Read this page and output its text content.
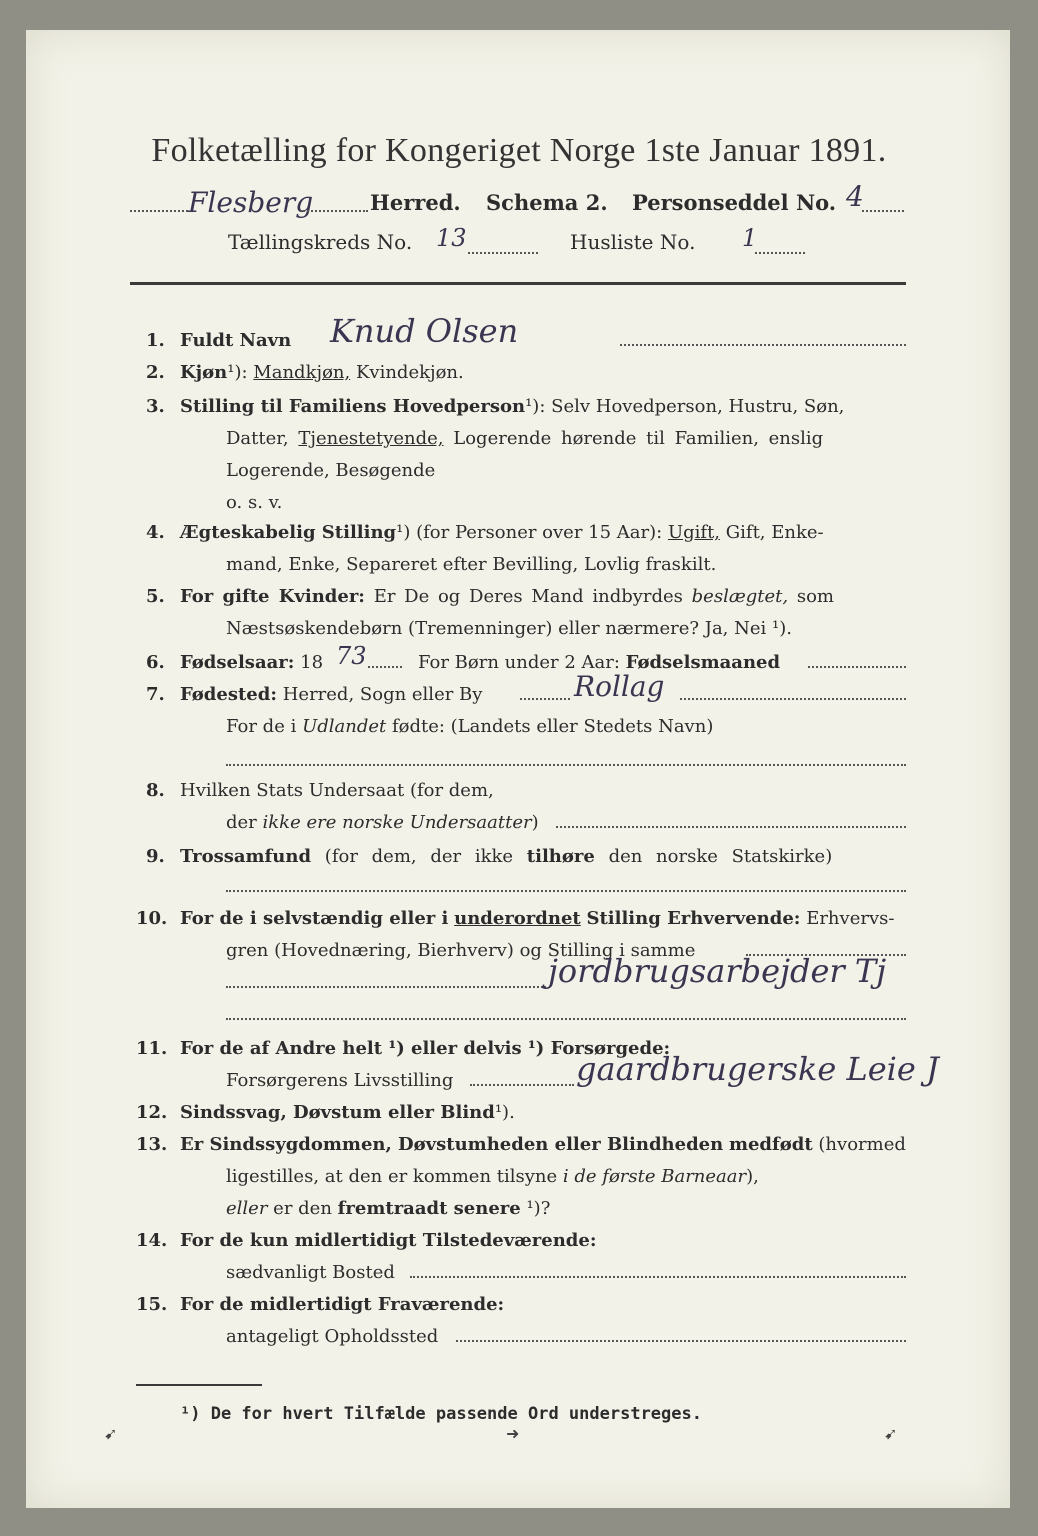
Folketælling for Kongeriget Norge 1ste Januar 1891.
Flesberg	Herred. Schema 2. Personseddel No. 4
Tællingskreds No. 13	Husliste No. 1
1.
2.
3.
4.
5.
6.
7.
8.
9.
10.
11.
12.
13.
14.
15.
Fuldt Navn Knud Olsen
Kjøn¹): Mandkjøn, Kvindekjøn.
Stilling til Familiens Hovedperson¹): Selv Hovedperson, Hustru, Søn,
Datter, Tjenestetyende, Logerende hørende til Familien, enslig
Logerende, Besøgende
o. s. v.
Ægteskabelig Stilling¹) (for Personer over 15 Aar): Ugift, Gift, Enke-
mand, Enke, Separeret efter Bevilling, Lovlig fraskilt.
For gifte Kvinder: Er De og Deres Mand indbyrdes beslægtet, som
Næstsøskendebørn (Tremenninger) eller nærmere? Ja, Nei ¹).
Fødselsaar: 18 73	For Børn under 2 Aar: Fødselsmaaned
Fødested: Herred, Sogn eller By	Rollag
For de i Udlandet fødte: (Landets eller Stedets Navn)
Hvilken Stats Undersaat (for dem,
der ikke ere norske Undersaatter)
Trossamfund (for dem, der ikke tilhøre den norske Statskirke)
For de i selvstændig eller i underordnet Stilling Erhvervende: Erhvervs-
gren (Hovednæring, Bierhverv) og Stilling i samme
jordbrugsarbejder Tj
For de af Andre helt ¹) eller delvis ¹) Forsørgede:
Forsørgerens Livsstilling	gaardbrugerske Leie J
Sindssvag, Døvstum eller Blind¹).
Er Sindssygdommen, Døvstumheden eller Blindheden medfødt (hvormed
ligestilles, at den er kommen tilsyne i de første Barneaar),
eller er den fremtraadt senere ¹)?
For de kun midlertidigt Tilstedeværende:
sædvanligt Bosted
For de midlertidigt Fraværende:
antageligt Opholdssted
¹) De for hvert Tilfælde passende Ord understreges.
➹	➜	➹
